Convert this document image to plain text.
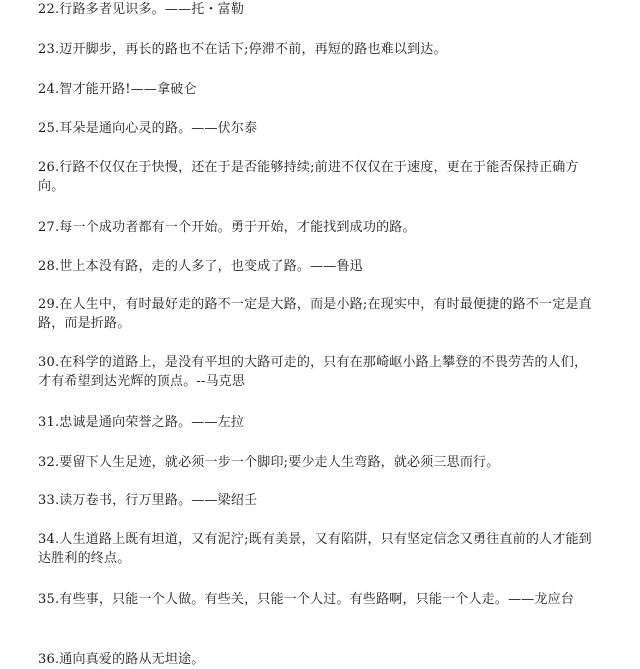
22.行路多者见识多。——托・富勒

23.迈开脚步，再长的路也不在话下;停滞不前，再短的路也难以到达。

24.智才能开路!——拿破仑

25.耳朵是通向心灵的路。——伏尔泰

26.行路不仅仅在于快慢，还在于是否能够持续;前进不仅仅在于速度，更在于能否保持正确方向。

27.每一个成功者都有一个开始。勇于开始，才能找到成功的路。

28.世上本没有路，走的人多了，也变成了路。——鲁迅

29.在人生中，有时最好走的路不一定是大路，而是小路;在现实中，有时最便捷的路不一定是直路，而是折路。

30.在科学的道路上，是没有平坦的大路可走的，只有在那崎岖小路上攀登的不畏劳苦的人们，才有希望到达光辉的顶点。--马克思

31.忠诚是通向荣誉之路。——左拉

32.要留下人生足迹，就必须一步一个脚印;要少走人生弯路，就必须三思而行。

33.读万卷书，行万里路。——梁绍壬

34.人生道路上既有坦道，又有泥泞;既有美景，又有陷阱，只有坚定信念又勇往直前的人才能到达胜利的终点。

35.有些事，只能一个人做。有些关，只能一个人过。有些路啊，只能一个人走。——龙应台

36.通向真爱的路从无坦途。
